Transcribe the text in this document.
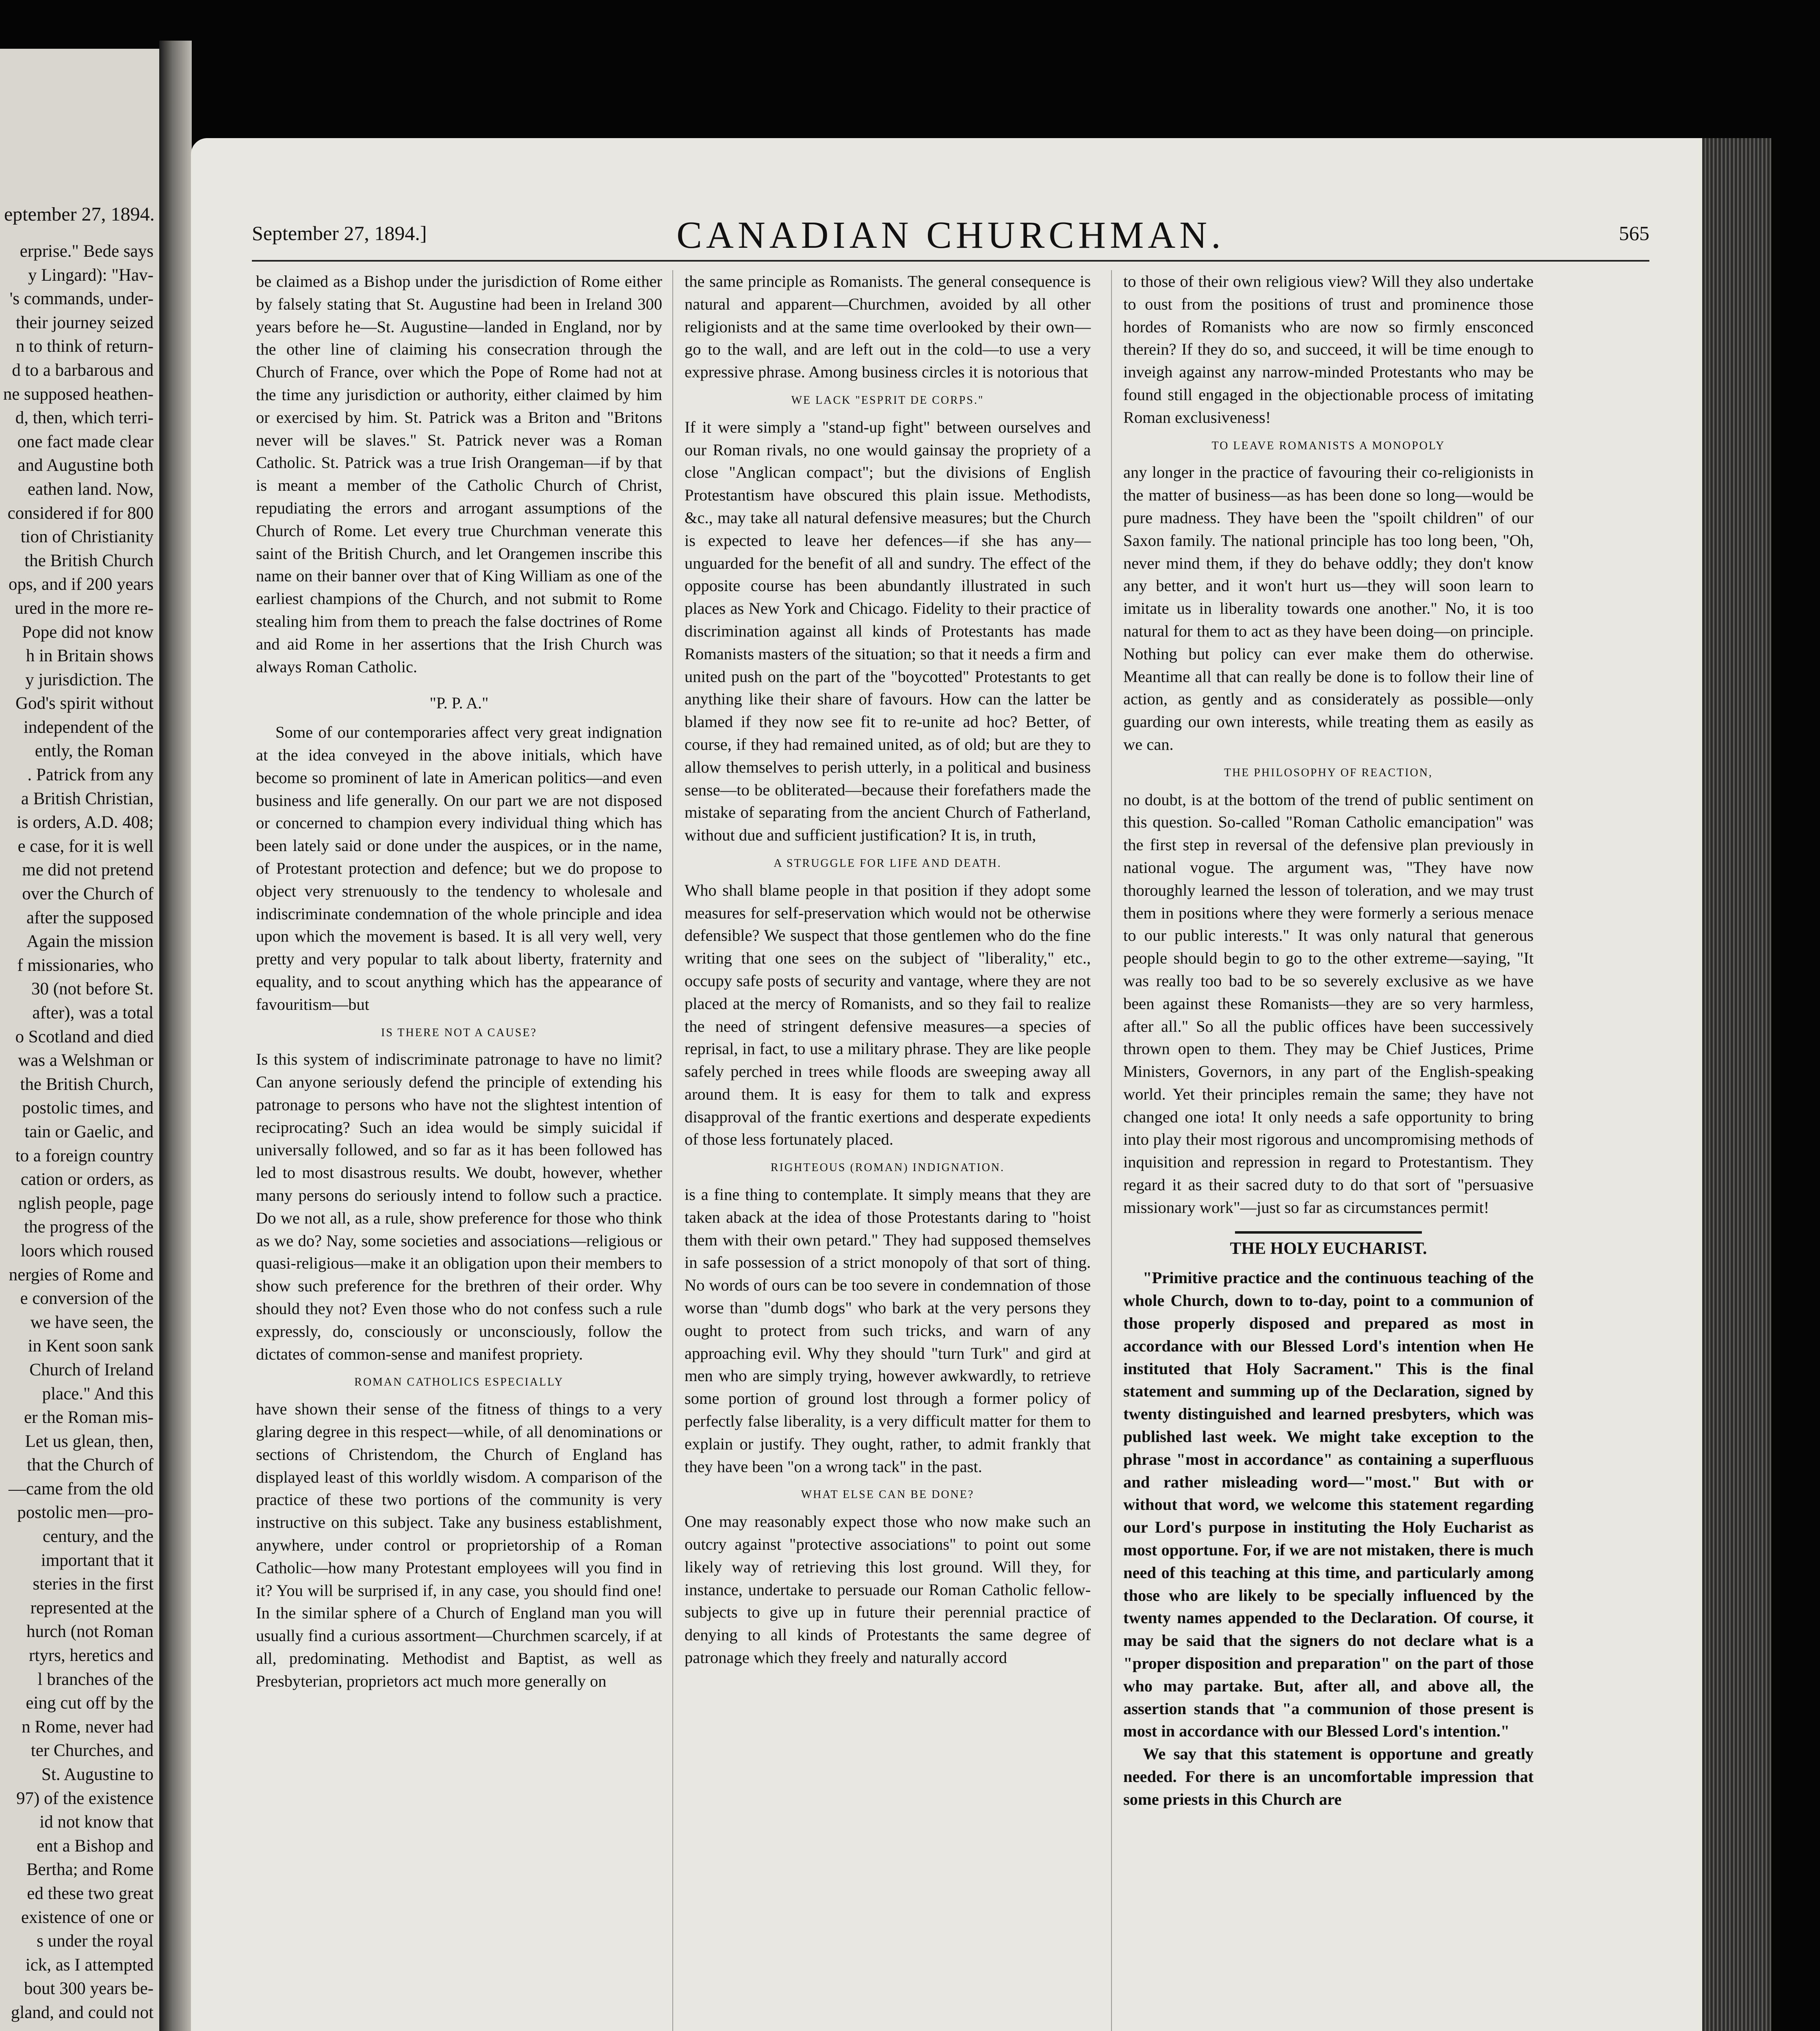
eptember 27, 1894.
erprise." Bede says
y Lingard): "Hav-
's commands, under-
their journey seized
n to think of return-
d to a barbarous and
ne supposed heathen-
d, then, which terri-
one fact made clear
and Augustine both
eathen land. Now,
considered if for 800
tion of Christianity
the British Church
ops, and if 200 years
ured in the more re-
Pope did not know
h in Britain shows
y jurisdiction. The
God's spirit without
independent of the
ently, the Roman
. Patrick from any
a British Christian,
is orders, A.D. 408;
e case, for it is well
me did not pretend
over the Church of
after the supposed
Again the mission
f missionaries, who
30 (not before St.
after), was a total
o Scotland and died
was a Welshman or
the British Church,
postolic times, and
tain or Gaelic, and
to a foreign country
cation or orders, as
nglish people, page
the progress of the
loors which roused
nergies of Rome and
e conversion of the
we have seen, the
in Kent soon sank
Church of Ireland
place." And this
er the Roman mis-
Let us glean, then,
that the Church of
—came from the old
postolic men—pro-
century, and the
important that it
steries in the first
represented at the
hurch (not Roman
rtyrs, heretics and
l branches of the
eing cut off by the
n Rome, never had
ter Churches, and
St. Augustine to
97) of the existence
id not know that
ent a Bishop and
Bertha; and Rome
ed these two great
existence of one or
s under the royal
ick, as I attempted
bout 300 years be-
gland, and could not
September 27, 1894.]	CANADIAN CHURCHMAN.	565

be claimed as a Bishop under the jurisdiction of Rome either by falsely stating that St. Augustine had been in Ireland 300 years before he—St. Augustine—landed in England, nor by the other line of claiming his consecration through the Church of France, over which the Pope of Rome had not at the time any jurisdiction or authority, either claimed by him or exercised by him. St. Patrick was a Briton and "Britons never will be slaves." St. Patrick never was a Roman Catholic. St. Patrick was a true Irish Orangeman—if by that is meant a member of the Catholic Church of Christ, repudiating the errors and arrogant assumptions of the Church of Rome. Let every true Churchman venerate this saint of the British Church, and let Orangemen inscribe this name on their banner over that of King William as one of the earliest champions of the Church, and not submit to Rome stealing him from them to preach the false doctrines of Rome and aid Rome in her assertions that the Irish Church was always Roman Catholic.

"P. P. A."

Some of our contemporaries affect very great indignation at the idea conveyed in the above initials, which have become so prominent of late in American politics—and even business and life generally. On our part we are not disposed or concerned to champion every individual thing which has been lately said or done under the auspices, or in the name, of Protestant protection and defence; but we do propose to object very strenuously to the tendency to wholesale and indiscriminate condemnation of the whole principle and idea upon which the movement is based. It is all very well, very pretty and very popular to talk about liberty, fraternity and equality, and to scout anything which has the appearance of favouritism—but

IS THERE NOT A CAUSE?

Is this system of indiscriminate patronage to have no limit? Can anyone seriously defend the principle of extending his patronage to persons who have not the slightest intention of reciprocating? Such an idea would be simply suicidal if universally followed, and so far as it has been followed has led to most disastrous results. We doubt, however, whether many persons do seriously intend to follow such a practice. Do we not all, as a rule, show preference for those who think as we do? Nay, some societies and associations—religious or quasi-religious—make it an obligation upon their members to show such preference for the brethren of their order. Why should they not? Even those who do not confess such a rule expressly, do, consciously or unconsciously, follow the dictates of common-sense and manifest propriety.

ROMAN CATHOLICS ESPECIALLY

have shown their sense of the fitness of things to a very glaring degree in this respect—while, of all denominations or sections of Christendom, the Church of England has displayed least of this worldly wisdom. A comparison of the practice of these two portions of the community is very instructive on this subject. Take any business establishment, anywhere, under control or proprietorship of a Roman Catholic—how many Protestant employees will you find in it? You will be surprised if, in any case, you should find one! In the similar sphere of a Church of England man you will usually find a curious assortment—Churchmen scarcely, if at all, predominating. Methodist and Baptist, as well as Presbyterian, proprietors act much more generally on

the same principle as Romanists. The general consequence is natural and apparent—Churchmen, avoided by all other religionists and at the same time overlooked by their own—go to the wall, and are left out in the cold—to use a very expressive phrase. Among business circles it is notorious that

WE LACK "ESPRIT DE CORPS."

If it were simply a "stand-up fight" between ourselves and our Roman rivals, no one would gainsay the propriety of a close "Anglican compact"; but the divisions of English Protestantism have obscured this plain issue. Methodists, &c., may take all natural defensive measures; but the Church is expected to leave her defences—if she has any—unguarded for the benefit of all and sundry. The effect of the opposite course has been abundantly illustrated in such places as New York and Chicago. Fidelity to their practice of discrimination against all kinds of Protestants has made Romanists masters of the situation; so that it needs a firm and united push on the part of the "boycotted" Protestants to get anything like their share of favours. How can the latter be blamed if they now see fit to re-unite ad hoc? Better, of course, if they had remained united, as of old; but are they to allow themselves to perish utterly, in a political and business sense—to be obliterated—because their forefathers made the mistake of separating from the ancient Church of Fatherland, without due and sufficient justification? It is, in truth,

A STRUGGLE FOR LIFE AND DEATH.

Who shall blame people in that position if they adopt some measures for self-preservation which would not be otherwise defensible? We suspect that those gentlemen who do the fine writing that one sees on the subject of "liberality," etc., occupy safe posts of security and vantage, where they are not placed at the mercy of Romanists, and so they fail to realize the need of stringent defensive measures—a species of reprisal, in fact, to use a military phrase. They are like people safely perched in trees while floods are sweeping away all around them. It is easy for them to talk and express disapproval of the frantic exertions and desperate expedients of those less fortunately placed.

RIGHTEOUS (ROMAN) INDIGNATION.

is a fine thing to contemplate. It simply means that they are taken aback at the idea of those Protestants daring to "hoist them with their own petard." They had supposed themselves in safe possession of a strict monopoly of that sort of thing. No words of ours can be too severe in condemnation of those worse than "dumb dogs" who bark at the very persons they ought to protect from such tricks, and warn of any approaching evil. Why they should "turn Turk" and gird at men who are simply trying, however awkwardly, to retrieve some portion of ground lost through a former policy of perfectly false liberality, is a very difficult matter for them to explain or justify. They ought, rather, to admit frankly that they have been "on a wrong tack" in the past.

WHAT ELSE CAN BE DONE?

One may reasonably expect those who now make such an outcry against "protective associations" to point out some likely way of retrieving this lost ground. Will they, for instance, undertake to persuade our Roman Catholic fellow-subjects to give up in future their perennial practice of denying to all kinds of Protestants the same degree of patronage which they freely and naturally accord

to those of their own religious view? Will they also undertake to oust from the positions of trust and prominence those hordes of Romanists who are now so firmly ensconced therein? If they do so, and succeed, it will be time enough to inveigh against any narrow-minded Protestants who may be found still engaged in the objectionable process of imitating Roman exclusiveness!

TO LEAVE ROMANISTS A MONOPOLY

any longer in the practice of favouring their co-religionists in the matter of business—as has been done so long—would be pure madness. They have been the "spoilt children" of our Saxon family. The national principle has too long been, "Oh, never mind them, if they do behave oddly; they don't know any better, and it won't hurt us—they will soon learn to imitate us in liberality towards one another." No, it is too natural for them to act as they have been doing—on principle. Nothing but policy can ever make them do otherwise. Meantime all that can really be done is to follow their line of action, as gently and as considerately as possible—only guarding our own interests, while treating them as easily as we can.

THE PHILOSOPHY OF REACTION,

no doubt, is at the bottom of the trend of public sentiment on this question. So-called "Roman Catholic emancipation" was the first step in reversal of the defensive plan previously in national vogue. The argument was, "They have now thoroughly learned the lesson of toleration, and we may trust them in positions where they were formerly a serious menace to our public interests." It was only natural that generous people should begin to go to the other extreme—saying, "It was really too bad to be so severely exclusive as we have been against these Romanists—they are so very harmless, after all." So all the public offices have been successively thrown open to them. They may be Chief Justices, Prime Ministers, Governors, in any part of the English-speaking world. Yet their principles remain the same; they have not changed one iota! It only needs a safe opportunity to bring into play their most rigorous and uncompromising methods of inquisition and repression in regard to Protestantism. They regard it as their sacred duty to do that sort of "persuasive missionary work"—just so far as circumstances permit!

THE HOLY EUCHARIST.

"Primitive practice and the continuous teaching of the whole Church, down to to-day, point to a communion of those properly disposed and prepared as most in accordance with our Blessed Lord's intention when He instituted that Holy Sacrament." This is the final statement and summing up of the Declaration, signed by twenty distinguished and learned presbyters, which was published last week. We might take exception to the phrase "most in accordance" as containing a superfluous and rather misleading word—"most." But with or without that word, we welcome this statement regarding our Lord's purpose in instituting the Holy Eucharist as most opportune. For, if we are not mistaken, there is much need of this teaching at this time, and particularly among those who are likely to be specially influenced by the twenty names appended to the Declaration. Of course, it may be said that the signers do not declare what is a "proper disposition and preparation" on the part of those who may partake. But, after all, and above all, the assertion stands that "a communion of those present is most in accordance with our Blessed Lord's intention."

We say that this statement is opportune and greatly needed. For there is an uncomfortable impression that some priests in this Church are
